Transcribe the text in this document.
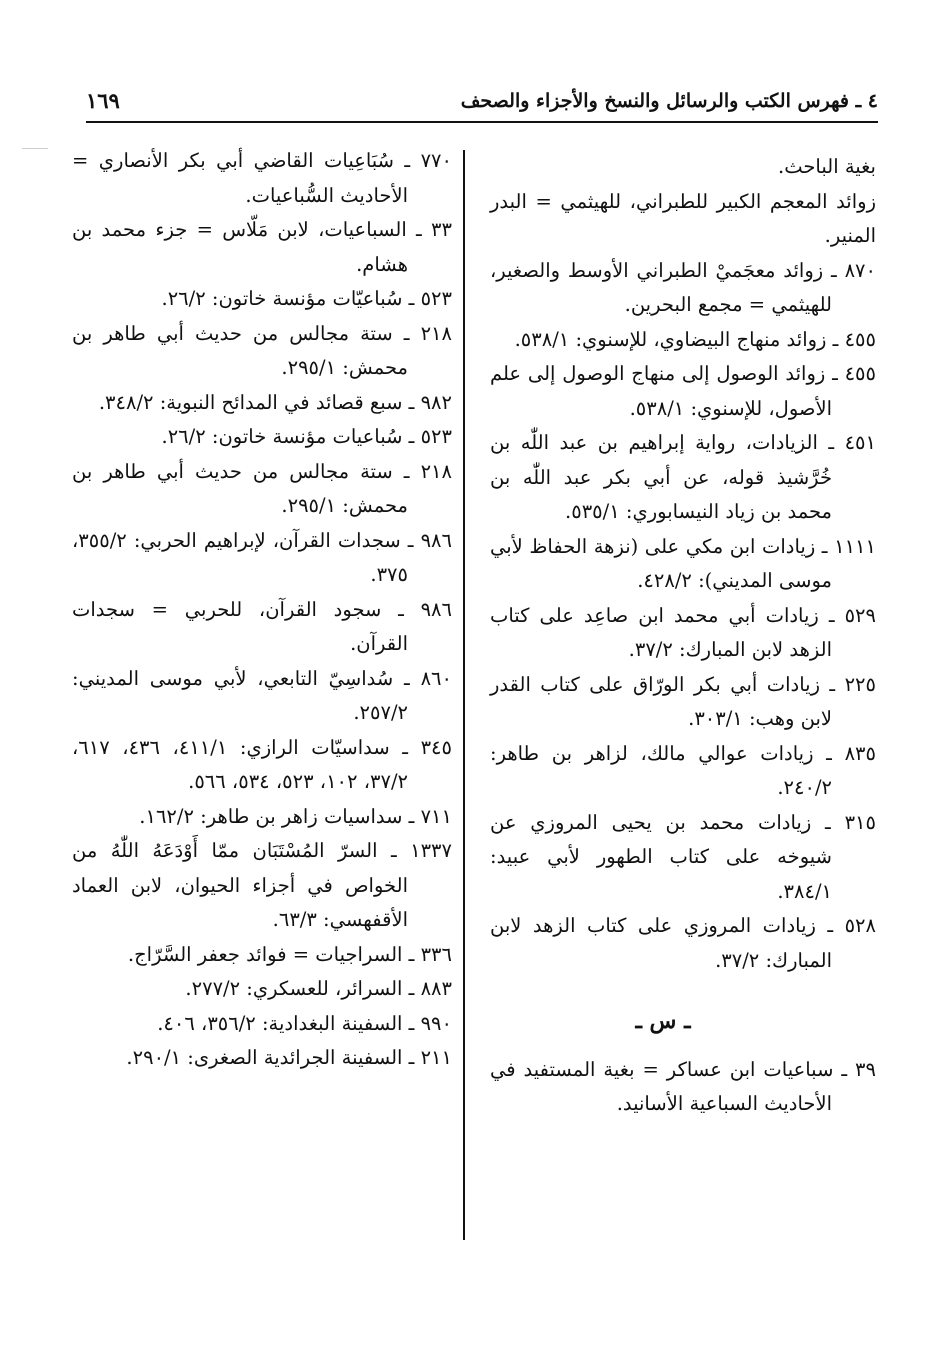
٤ ـ فهرس الكتب والرسائل والنسخ والأجزاء والصحف
١٦٩

بغية الباحث.

زوائد المعجم الكبير للطبراني، للهيثمي = البدر المنير.

٨٧٠ ـ زوائد معجَميْ الطبراني الأوسط والصغير، للهيثمي = مجمع البحرين.

٤٥٥ ـ زوائد منهاج البيضاوي، للإسنوي: ٥٣٨/١.

٤٥٥ ـ زوائد الوصول إلى منهاج الوصول إلى علم الأصول، للإسنوي: ٥٣٨/١.

٤٥١ ـ الزيادات، رواية إبراهيم بن عبد اللّٰه بن خُرَّشيذ قوله، عن أبي بكر عبد اللّٰه بن محمد بن زياد النيسابوري: ٥٣٥/١.

١١١١ ـ زيادات ابن مكي على (نزهة الحفاظ لأبي موسى المديني): ٤٢٨/٢.

٥٢٩ ـ زيادات أبي محمد ابن صاعِد على كتاب الزهد لابن المبارك: ٣٧/٢.

٢٢٥ ـ زيادات أبي بكر الورّاق على كتاب القدر لابن وهب: ٣٠٣/١.

٨٣٥ ـ زيادات عوالي مالك، لزاهر بن طاهر: ٢٤٠/٢.

٣١٥ ـ زيادات محمد بن يحيى المروزي عن شيوخه على كتاب الطهور لأبي عبيد: ٣٨٤/١.

٥٢٨ ـ زيادات المروزي على كتاب الزهد لابن المبارك: ٣٧/٢.

ـ س ـ

٣٩ ـ سباعيات ابن عساكر = بغية المستفيد في الأحاديث السباعية الأسانيد.

٧٧٠ ـ سُبَاعِيات القاضي أبي بكر الأنصاري = الأحاديث السُّباعيات.

٣٣ ـ السباعيات، لابن مَلّاس = جزء محمد بن هشام.

٥٢٣ ـ سُباعيّات مؤنسة خاتون: ٢٦/٢.

٢١٨ ـ ستة مجالس من حديث أبي طاهر بن محمش: ٢٩٥/١.

٩٨٢ ـ سبع قصائد في المدائح النبوية: ٣٤٨/٢.

٥٢٣ ـ سُباعيات مؤنسة خاتون: ٢٦/٢.

٢١٨ ـ ستة مجالس من حديث أبي طاهر بن محمش: ٢٩٥/١.

٩٨٦ ـ سجدات القرآن، لإبراهيم الحربي: ٣٥٥/٢، ٣٧٥.

٩٨٦ ـ سجود القرآن، للحربي = سجدات القرآن.

٨٦٠ ـ سُداسِيّ التابعي، لأبي موسى المديني: ٢٥٧/٢.

٣٤٥ ـ سداسيّات الرازي: ٤١١/١، ٤٣٦، ٦١٧، ٣٧/٢، ١٠٢، ٥٢٣، ٥٣٤، ٥٦٦.

٧١١ ـ سداسيات زاهر بن طاهر: ١٦٢/٢.

١٣٣٧ ـ السرّ المُسْتَبَان ممّا أَوْدَعَهُ اللّٰهُ من الخواص في أجزاء الحيوان، لابن العماد الأقفهسي: ٦٣/٣.

٣٣٦ ـ السراجيات = فوائد جعفر السَّرّاج.

٨٨٣ ـ السرائر، للعسكري: ٢٧٧/٢.

٩٩٠ ـ السفينة البغدادية: ٣٥٦/٢، ٤٠٦.

٢١١ ـ السفينة الجرائدية الصغرى: ٢٩٠/١.
